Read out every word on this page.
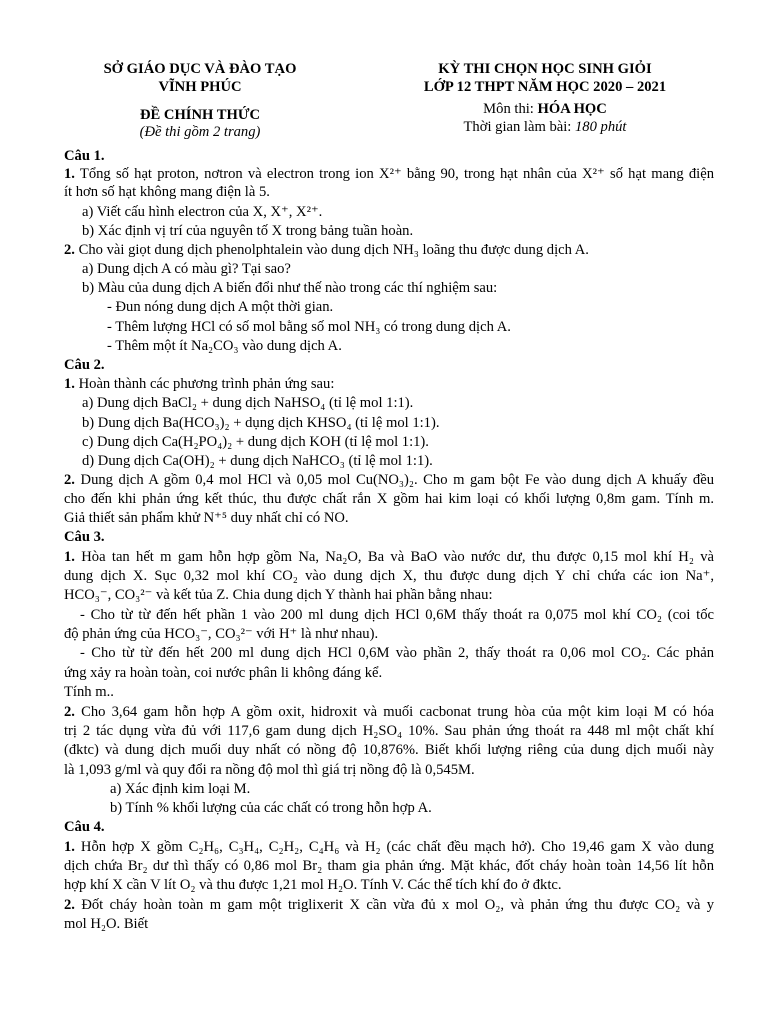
SỞ GIÁO DỤC VÀ ĐÀO TẠO
VĨNH PHÚC
ĐỀ CHÍNH THỨC
(Đề thi gồm 2 trang)
KỲ THI CHỌN HỌC SINH GIỎI
LỚP 12 THPT NĂM HỌC 2020 – 2021
Môn thi: HÓA HỌC
Thời gian làm bài: 180 phút
Câu 1.
1. Tổng số hạt proton, nơtron và electron trong ion X²⁺ bằng 90, trong hạt nhân của X²⁺ số hạt mang điện
ít hơn số hạt không mang điện là 5.
a) Viết cấu hình electron của X, X⁺, X²⁺.
b) Xác định vị trí của nguyên tố X trong bảng tuần hoàn.
2. Cho vài giọt dung dịch phenolphtalein vào dung dịch NH₃ loãng thu được dung dịch A.
a) Dung dịch A có màu gì? Tại sao?
b) Màu của dung dịch A biến đổi như thế nào trong các thí nghiệm sau:
- Đun nóng dung dịch A một thời gian.
- Thêm lượng HCl có số mol bằng số mol NH₃ có trong dung dịch A.
- Thêm một ít Na₂CO₃ vào dung dịch A.
Câu 2.
1. Hoàn thành các phương trình phản ứng sau:
a) Dung dịch BaCl₂ + dung dịch NaHSO₄ (tỉ lệ mol 1:1).
b) Dung dịch Ba(HCO₃)₂ + dụng dịch KHSO₄ (tỉ lệ mol 1:1).
c) Dung dịch Ca(H₂PO₄)₂ + dung dịch KOH (tỉ lệ mol 1:1).
d) Dung dịch Ca(OH)₂ + dung dịch NaHCO₃ (tỉ lệ mol 1:1).
2. Dung dịch A gồm 0,4 mol HCl và 0,05 mol Cu(NO₃)₂. Cho m gam bột Fe vào dung dịch A khuấy đều
cho đến khi phản ứng kết thúc, thu được chất rắn X gồm hai kim loại có khối lượng 0,8m gam. Tính m.
Giả thiết sản phẩm khử N⁺⁵ duy nhất chỉ có NO.
Câu 3.
1. Hòa tan hết m gam hỗn hợp gồm Na, Na₂O, Ba và BaO vào nước dư, thu được 0,15 mol khí H₂ và
dung dịch X. Sục 0,32 mol khí CO₂ vào dung dịch X, thu được dung dịch Y chỉ chứa các ion Na⁺,
HCO₃⁻, CO₃²⁻ và kết tủa Z. Chia dung dịch Y thành hai phần bằng nhau:
- Cho từ từ đến hết phần 1 vào 200 ml dung dịch HCl 0,6M thấy thoát ra 0,075 mol khí CO₂ (coi tốc
độ phản ứng của HCO₃⁻, CO₃²⁻ với H⁺ là như nhau).
- Cho từ từ đến hết 200 ml dung dịch HCl 0,6M vào phần 2, thấy thoát ra 0,06 mol CO₂. Các phản
ứng xảy ra hoàn toàn, coi nước phân li không đáng kể.
Tính m..
2. Cho 3,64 gam hỗn hợp A gồm oxit, hidroxit và muối cacbonat trung hòa của một kim loại M có hóa
trị 2 tác dụng vừa đủ với 117,6 gam dung dịch H₂SO₄ 10%. Sau phản ứng thoát ra 448 ml một chất khí
(đktc) và dung dịch muối duy nhất có nồng độ 10,876%. Biết khối lượng riêng của dung dịch muối này
là 1,093 g/ml và quy đổi ra nồng độ mol thì giá trị nồng độ là 0,545M.
a) Xác định kim loại M.
b) Tính % khối lượng của các chất có trong hỗn hợp A.
Câu 4.
1. Hỗn hợp X gồm C₂H₆, C₃H₄, C₂H₂, C₄H₆ và H₂ (các chất đều mạch hở). Cho 19,46 gam X vào dung
dịch chứa Br₂ dư thì thấy có 0,86 mol Br₂ tham gia phản ứng. Mặt khác, đốt cháy hoàn toàn 14,56 lít hỗn
hợp khí X cần V lít O₂ và thu được 1,21 mol H₂O. Tính V. Các thể tích khí đo ở đktc.
2. Đốt cháy hoàn toàn m gam một triglixerit X cần vừa đủ x mol O₂, và phản ứng thu được CO₂ và y
mol H₂O. Biết
